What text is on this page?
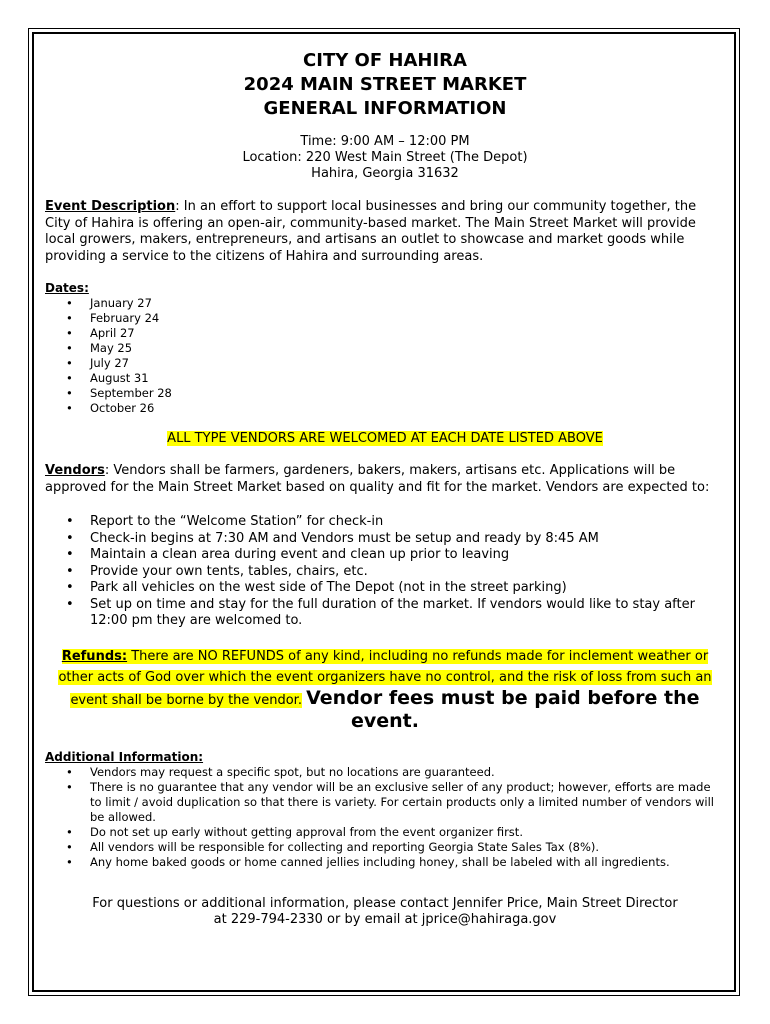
CITY OF HAHIRA
2024 MAIN STREET MARKET
GENERAL INFORMATION
Time: 9:00 AM – 12:00 PM
Location: 220 West Main Street (The Depot)
Hahira, Georgia 31632

Event Description: In an effort to support local businesses and bring our community together, the City of Hahira is offering an open-air, community-based market. The Main Street Market will provide local growers, makers, entrepreneurs, and artisans an outlet to showcase and market goods while providing a service to the citizens of Hahira and surrounding areas.

Dates:
• January 27
• February 24
• April 27
• May 25
• July 27
• August 31
• September 28
• October 26
ALL TYPE VENDORS ARE WELCOMED AT EACH DATE LISTED ABOVE

Vendors: Vendors shall be farmers, gardeners, bakers, makers, artisans etc. Applications will be approved for the Main Street Market based on quality and fit for the market. Vendors are expected to:

• Report to the “Welcome Station” for check-in
• Check-in begins at 7:30 AM and Vendors must be setup and ready by 8:45 AM
• Maintain a clean area during event and clean up prior to leaving
• Provide your own tents, tables, chairs, etc.
• Park all vehicles on the west side of The Depot (not in the street parking)
• Set up on time and stay for the full duration of the market. If vendors would like to stay after 12:00 pm they are welcomed to.
Refunds: There are NO REFUNDS of any kind, including no refunds made for inclement weather or other acts of God over which the event organizers have no control, and the risk of loss from such an event shall be borne by the vendor. Vendor fees must be paid before the event.
Additional Information:
• Vendors may request a specific spot, but no locations are guaranteed.
• There is no guarantee that any vendor will be an exclusive seller of any product; however, efforts are made to limit / avoid duplication so that there is variety. For certain products only a limited number of vendors will be allowed.
• Do not set up early without getting approval from the event organizer first.
• All vendors will be responsible for collecting and reporting Georgia State Sales Tax (8%).
• Any home baked goods or home canned jellies including honey, shall be labeled with all ingredients.
For questions or additional information, please contact Jennifer Price, Main Street Director
at 229-794-2330 or by email at jprice@hahiraga.gov
